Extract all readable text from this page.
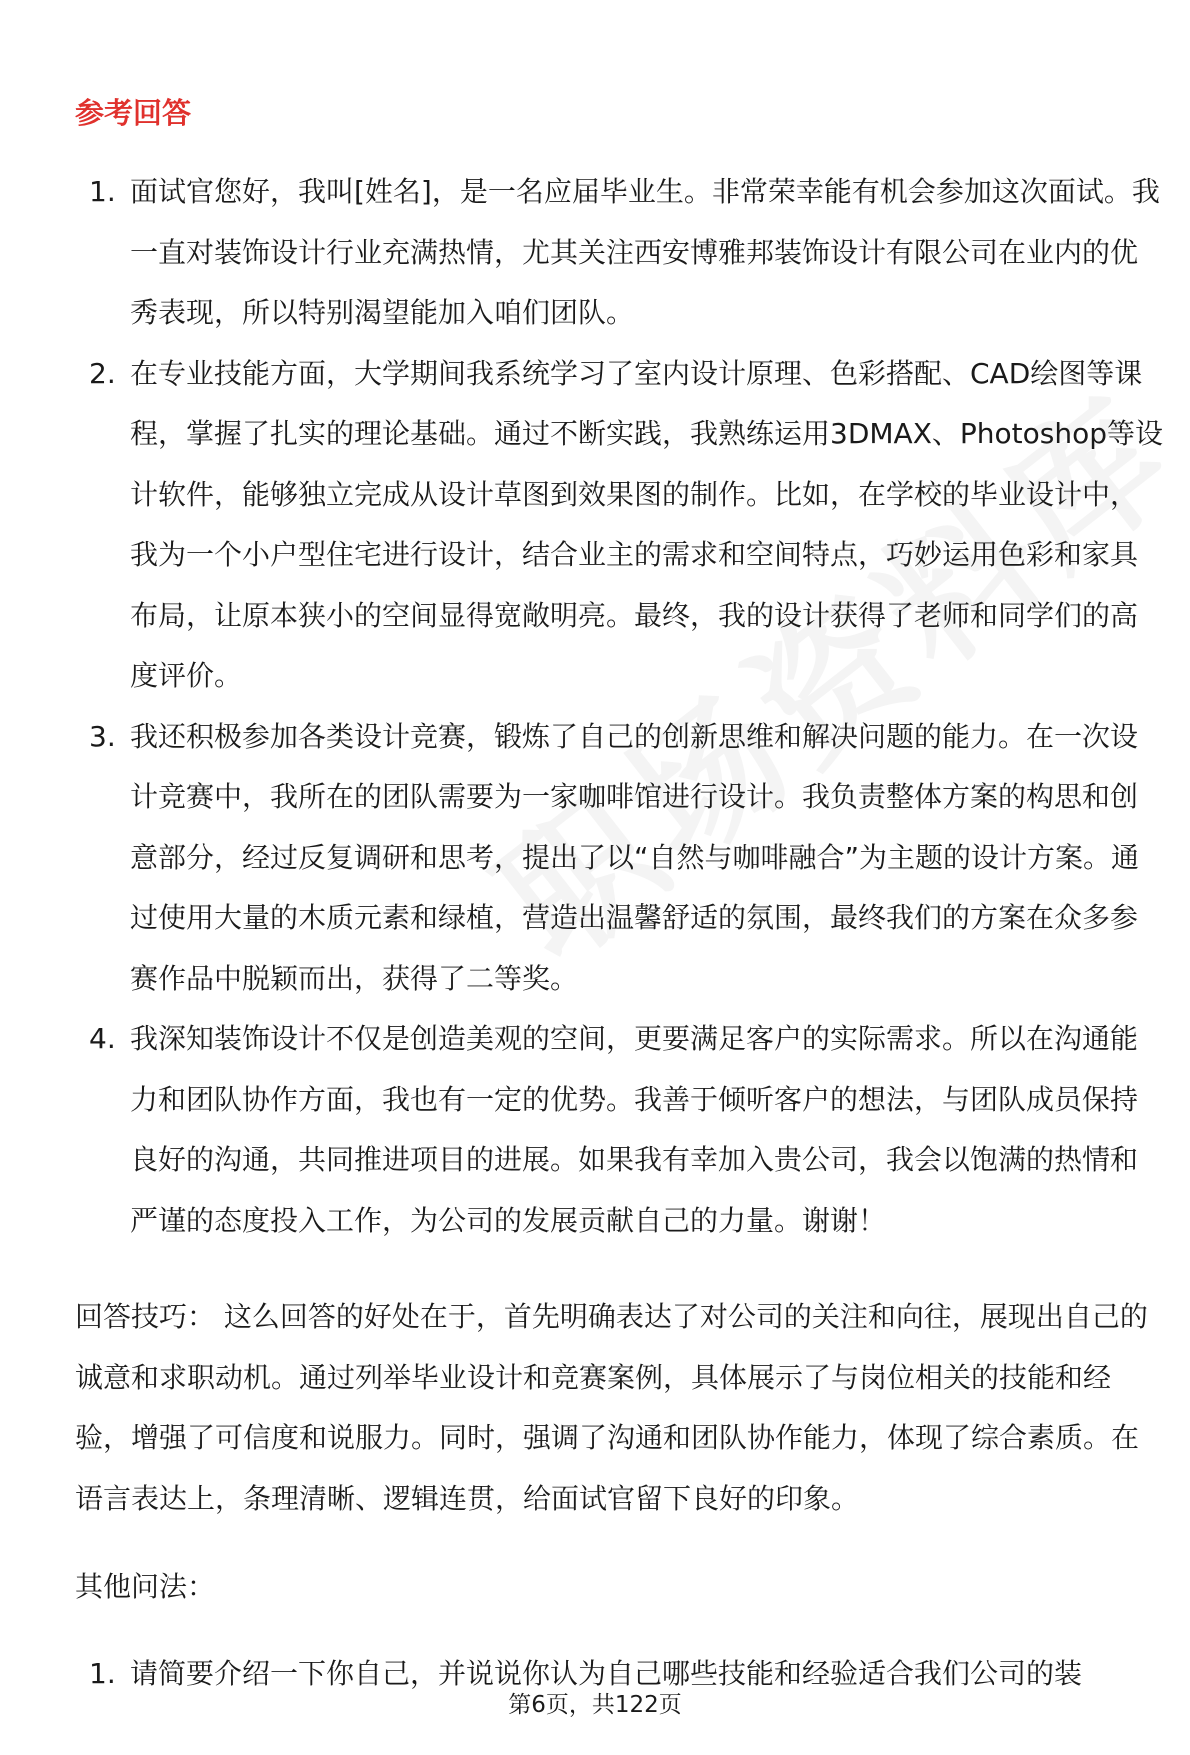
参考回答
1. 面试官您好，我叫[姓名]，是一名应届毕业生。非常荣幸能有机会参加这次面试。我一直对装饰设计行业充满热情，尤其关注西安博雅邦装饰设计有限公司在业内的优秀表现，所以特别渴望能加入咱们团队。
2. 在专业技能方面，大学期间我系统学习了室内设计原理、色彩搭配、CAD绘图等课程，掌握了扎实的理论基础。通过不断实践，我熟练运用3DMAX、Photoshop等设计软件，能够独立完成从设计草图到效果图的制作。比如，在学校的毕业设计中，我为一个小户型住宅进行设计，结合业主的需求和空间特点，巧妙运用色彩和家具布局，让原本狭小的空间显得宽敞明亮。最终，我的设计获得了老师和同学们的高度评价。
3. 我还积极参加各类设计竞赛，锻炼了自己的创新思维和解决问题的能力。在一次设计竞赛中，我所在的团队需要为一家咖啡馆进行设计。我负责整体方案的构思和创意部分，经过反复调研和思考，提出了以“自然与咖啡融合”为主题的设计方案。通过使用大量的木质元素和绿植，营造出温馨舒适的氛围，最终我们的方案在众多参赛作品中脱颖而出，获得了二等奖。
4. 我深知装饰设计不仅是创造美观的空间，更要满足客户的实际需求。所以在沟通能力和团队协作方面，我也有一定的优势。我善于倾听客户的想法，与团队成员保持良好的沟通，共同推进项目的进展。如果我有幸加入贵公司，我会以饱满的热情和严谨的态度投入工作，为公司的发展贡献自己的力量。谢谢！

回答技巧： 这么回答的好处在于，首先明确表达了对公司的关注和向往，展现出自己的诚意和求职动机。通过列举毕业设计和竞赛案例，具体展示了与岗位相关的技能和经验，增强了可信度和说服力。同时，强调了沟通和团队协作能力，体现了综合素质。在语言表达上，条理清晰、逻辑连贯，给面试官留下良好的印象。

其他问法：

1. 请简要介绍一下你自己，并说说你认为自己哪些技能和经验适合我们公司的装
第6页，共122页
